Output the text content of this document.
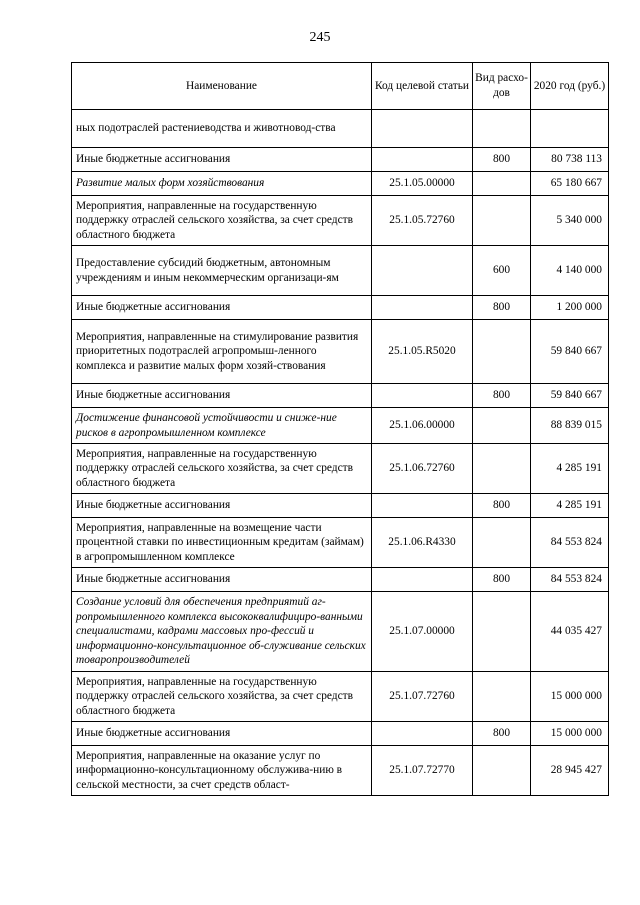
245
Наименование	Код целевой статьи	Вид расхо-дов	2020 год (руб.)
ных подотраслей растениеводства и животновод-ства			
Иные бюджетные ассигнования		800	80 738 113
Развитие малых форм хозяйствования	25.1.05.00000		65 180 667
Мероприятия, направленные на государственную поддержку отраслей сельского хозяйства, за счет средств областного бюджета	25.1.05.72760		5 340 000
Предоставление субсидий бюджетным, автономным учреждениям и иным некоммерческим организаци-ям		600	4 140 000
Иные бюджетные ассигнования		800	1 200 000
Мероприятия, направленные на стимулирование развития приоритетных подотраслей агропромыш-ленного комплекса и развитие малых форм хозяй-ствования	25.1.05.R5020		59 840 667
Иные бюджетные ассигнования		800	59 840 667
Достижение финансовой устойчивости и сниже-ние рисков в агропромышленном комплексе	25.1.06.00000		88 839 015
Мероприятия, направленные на государственную поддержку отраслей сельского хозяйства, за счет средств областного бюджета	25.1.06.72760		4 285 191
Иные бюджетные ассигнования		800	4 285 191
Мероприятия, направленные на возмещение части процентной ставки по инвестиционным кредитам (займам) в агропромышленном комплексе	25.1.06.R4330		84 553 824
Иные бюджетные ассигнования		800	84 553 824
Создание условий для обеспечения предприятий аг-ропромышленного комплекса высококвалифициро-ванными специалистами, кадрами массовых про-фессий и информационно-консультационное об-служивание сельских товаропроизводителей	25.1.07.00000		44 035 427
Мероприятия, направленные на государственную поддержку отраслей сельского хозяйства, за счет средств областного бюджета	25.1.07.72760		15 000 000
Иные бюджетные ассигнования		800	15 000 000
Мероприятия, направленные на оказание услуг по информационно-консультационному обслужива-нию в сельской местности, за счет средств област-	25.1.07.72770		28 945 427
